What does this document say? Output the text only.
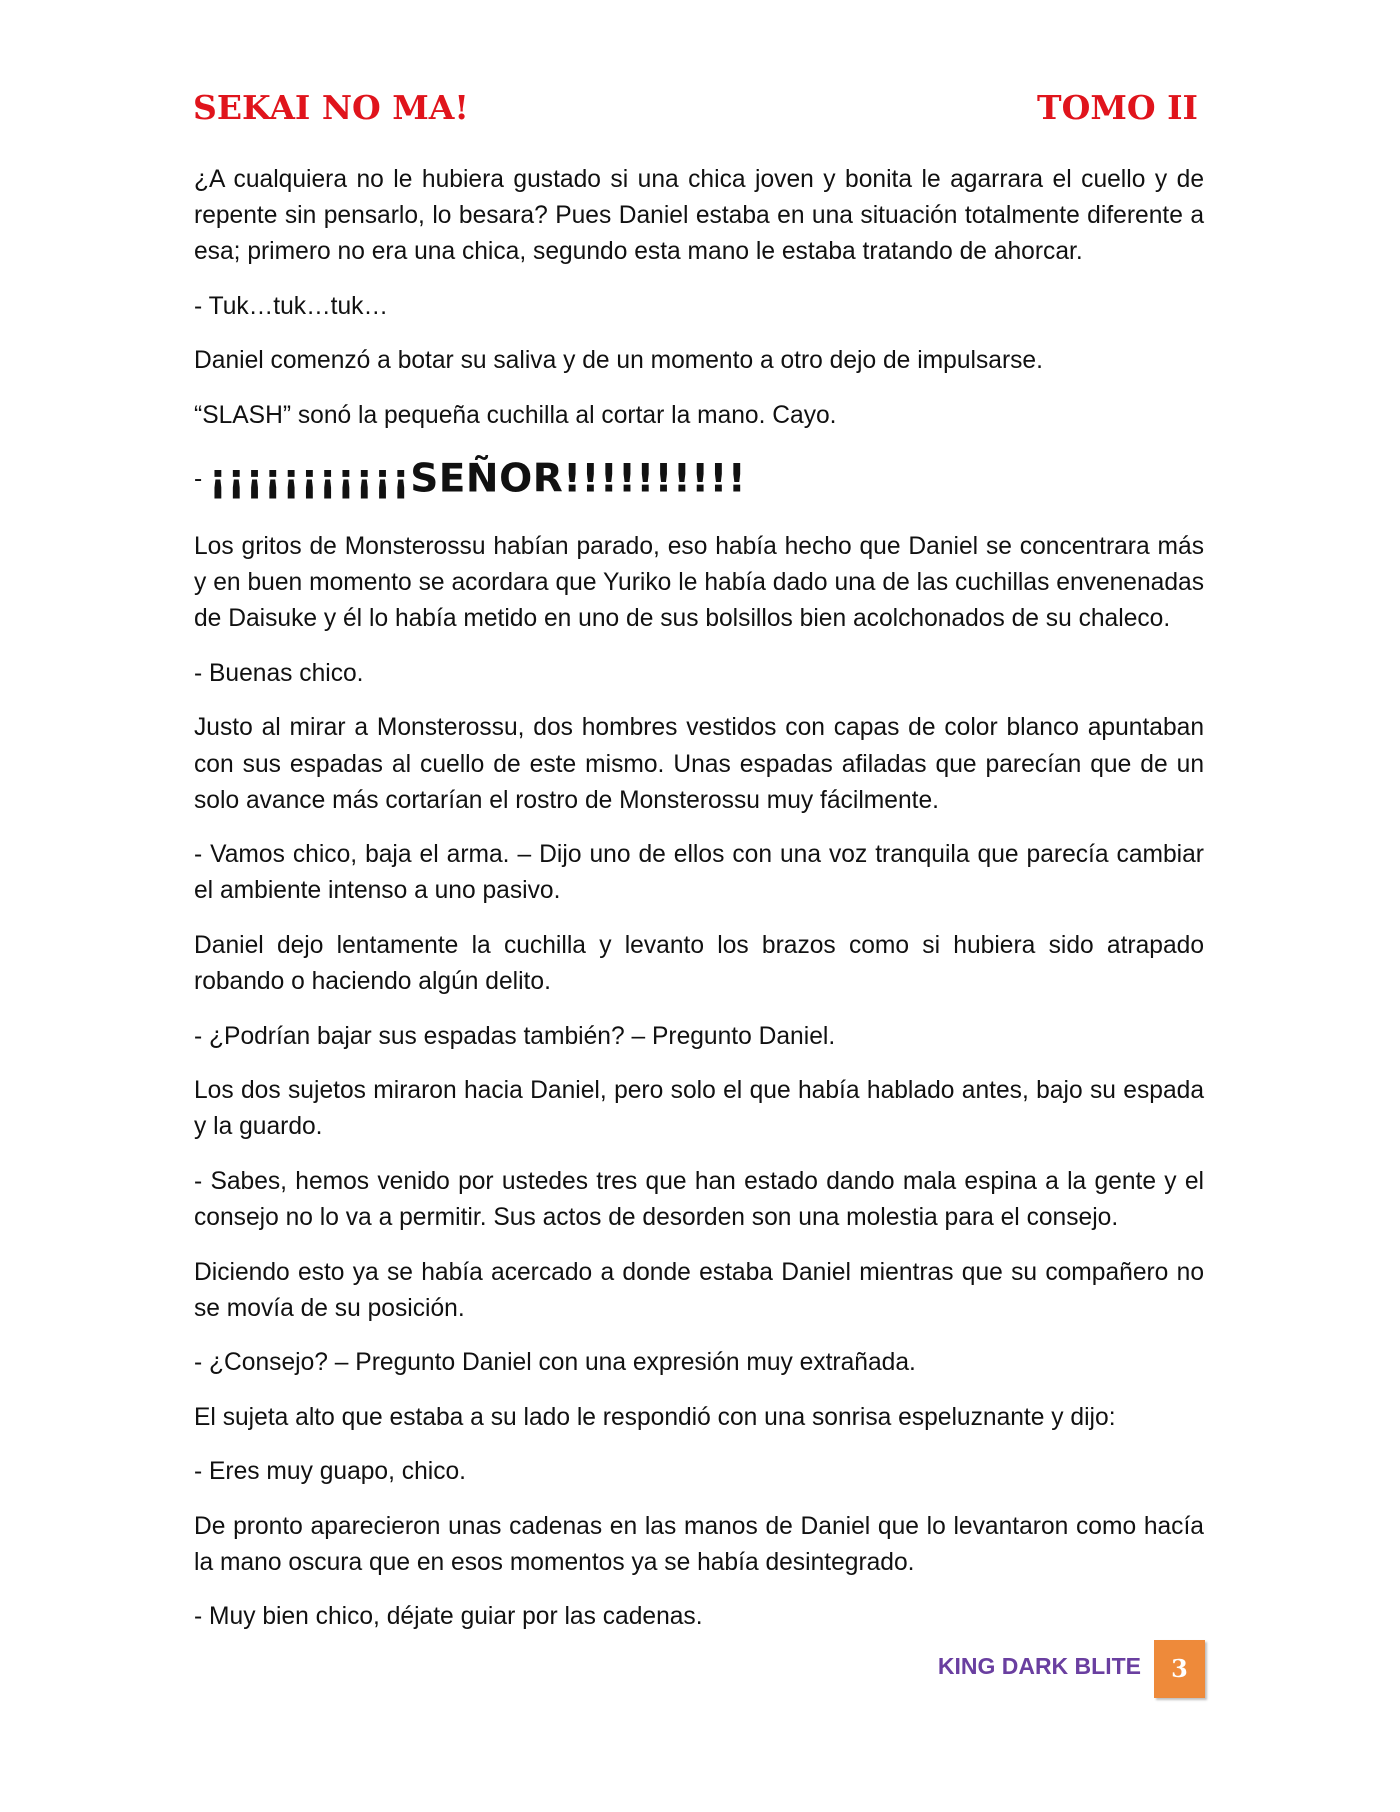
SEKAI NO MA!	TOMO II

¿A cualquiera no le hubiera gustado si una chica joven y bonita le agarrara el cuello y de repente sin pensarlo, lo besara? Pues Daniel estaba en una situación totalmente diferente a esa; primero no era una chica, segundo esta mano le estaba tratando de ahorcar.

- Tuk…tuk…tuk…

Daniel comenzó a botar su saliva y de un momento a otro dejo de impulsarse.

“SLASH” sonó la pequeña cuchilla al cortar la mano. Cayo.

- ¡¡¡¡¡¡¡¡¡¡¡SEÑOR!!!!!!!!!!

Los gritos de Monsterossu habían parado, eso había hecho que Daniel se concentrara más y en buen momento se acordara que Yuriko le había dado una de las cuchillas envenenadas de Daisuke y él lo había metido en uno de sus bolsillos bien acolchonados de su chaleco.

- Buenas chico.

Justo al mirar a Monsterossu, dos hombres vestidos con capas de color blanco apuntaban con sus espadas al cuello de este mismo. Unas espadas afiladas que parecían que de un solo avance más cortarían el rostro de Monsterossu muy fácilmente.

- Vamos chico, baja el arma. – Dijo uno de ellos con una voz tranquila que parecía cambiar el ambiente intenso a uno pasivo.

Daniel dejo lentamente la cuchilla y levanto los brazos como si hubiera sido atrapado robando o haciendo algún delito.

- ¿Podrían bajar sus espadas también? – Pregunto Daniel.

Los dos sujetos miraron hacia Daniel, pero solo el que había hablado antes, bajo su espada y la guardo.

- Sabes, hemos venido por ustedes tres que han estado dando mala espina a la gente y el consejo no lo va a permitir. Sus actos de desorden son una molestia para el consejo.

Diciendo esto ya se había acercado a donde estaba Daniel mientras que su compañero no se movía de su posición.

- ¿Consejo? – Pregunto Daniel con una expresión muy extrañada.

El sujeta alto que estaba a su lado le respondió con una sonrisa espeluznante y dijo:

- Eres muy guapo, chico.

De pronto aparecieron unas cadenas en las manos de Daniel que lo levantaron como hacía la mano oscura que en esos momentos ya se había desintegrado.

- Muy bien chico, déjate guiar por las cadenas.

KING DARK BLITE	3
